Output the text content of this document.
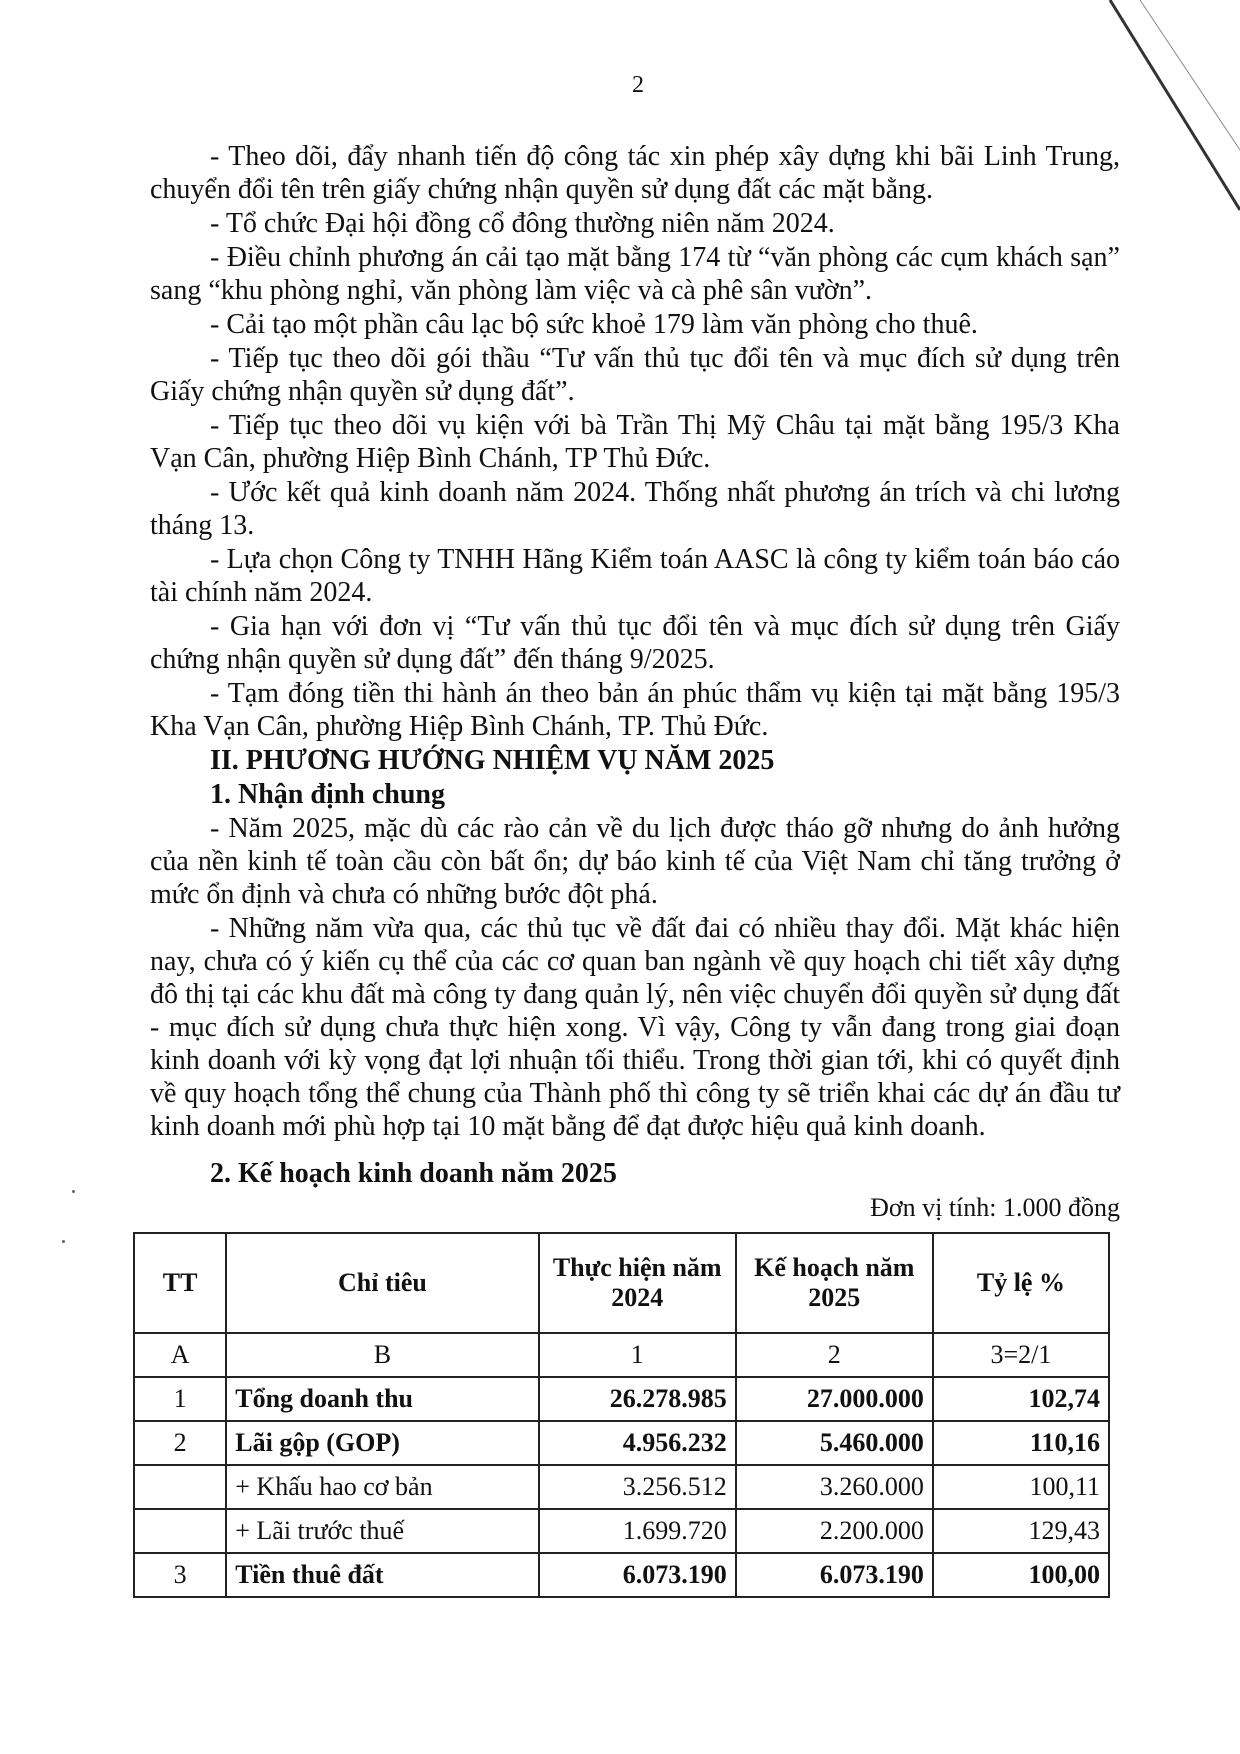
2

- Theo dõi, đẩy nhanh tiến độ công tác xin phép xây dựng khi bãi Linh Trung, chuyển đổi tên trên giấy chứng nhận quyền sử dụng đất các mặt bằng.

- Tổ chức Đại hội đồng cổ đông thường niên năm 2024.

- Điều chỉnh phương án cải tạo mặt bằng 174 từ “văn phòng các cụm khách sạn” sang “khu phòng nghỉ, văn phòng làm việc và cà phê sân vườn”.

- Cải tạo một phần câu lạc bộ sức khoẻ 179 làm văn phòng cho thuê.

- Tiếp tục theo dõi gói thầu “Tư vấn thủ tục đổi tên và mục đích sử dụng trên Giấy chứng nhận quyền sử dụng đất”.

- Tiếp tục theo dõi vụ kiện với bà Trần Thị Mỹ Châu tại mặt bằng 195/3 Kha Vạn Cân, phường Hiệp Bình Chánh, TP Thủ Đức.

- Ước kết quả kinh doanh năm 2024. Thống nhất phương án trích và chi lương tháng 13.

- Lựa chọn Công ty TNHH Hãng Kiểm toán AASC là công ty kiểm toán báo cáo tài chính năm 2024.

- Gia hạn với đơn vị “Tư vấn thủ tục đổi tên và mục đích sử dụng trên Giấy chứng nhận quyền sử dụng đất” đến tháng 9/2025.

- Tạm đóng tiền thi hành án theo bản án phúc thẩm vụ kiện tại mặt bằng 195/3 Kha Vạn Cân, phường Hiệp Bình Chánh, TP. Thủ Đức.

II. PHƯƠNG HƯỚNG NHIỆM VỤ NĂM 2025

1. Nhận định chung

- Năm 2025, mặc dù các rào cản về du lịch được tháo gỡ nhưng do ảnh hưởng của nền kinh tế toàn cầu còn bất ổn; dự báo kinh tế của Việt Nam chỉ tăng trưởng ở mức ổn định và chưa có những bước đột phá.

- Những năm vừa qua, các thủ tục về đất đai có nhiều thay đổi. Mặt khác hiện nay, chưa có ý kiến cụ thể của các cơ quan ban ngành về quy hoạch chi tiết xây dựng đô thị tại các khu đất mà công ty đang quản lý, nên việc chuyển đổi quyền sử dụng đất - mục đích sử dụng chưa thực hiện xong. Vì vậy, Công ty vẫn đang trong giai đoạn kinh doanh với kỳ vọng đạt lợi nhuận tối thiểu. Trong thời gian tới, khi có quyết định về quy hoạch tổng thể chung của Thành phố thì công ty sẽ triển khai các dự án đầu tư kinh doanh mới phù hợp tại 10 mặt bằng để đạt được hiệu quả kinh doanh.

2. Kế hoạch kinh doanh năm 2025

Đơn vị tính: 1.000 đồng

TT	Chỉ tiêu	Thực hiện năm 2024	Kế hoạch năm 2025	Tỷ lệ %
A	B	1	2	3=2/1
1	Tổng doanh thu	26.278.985	27.000.000	102,74
2	Lãi gộp (GOP)	4.956.232	5.460.000	110,16
	+ Khấu hao cơ bản	3.256.512	3.260.000	100,11
	+ Lãi trước thuế	1.699.720	2.200.000	129,43
3	Tiền thuê đất	6.073.190	6.073.190	100,00
